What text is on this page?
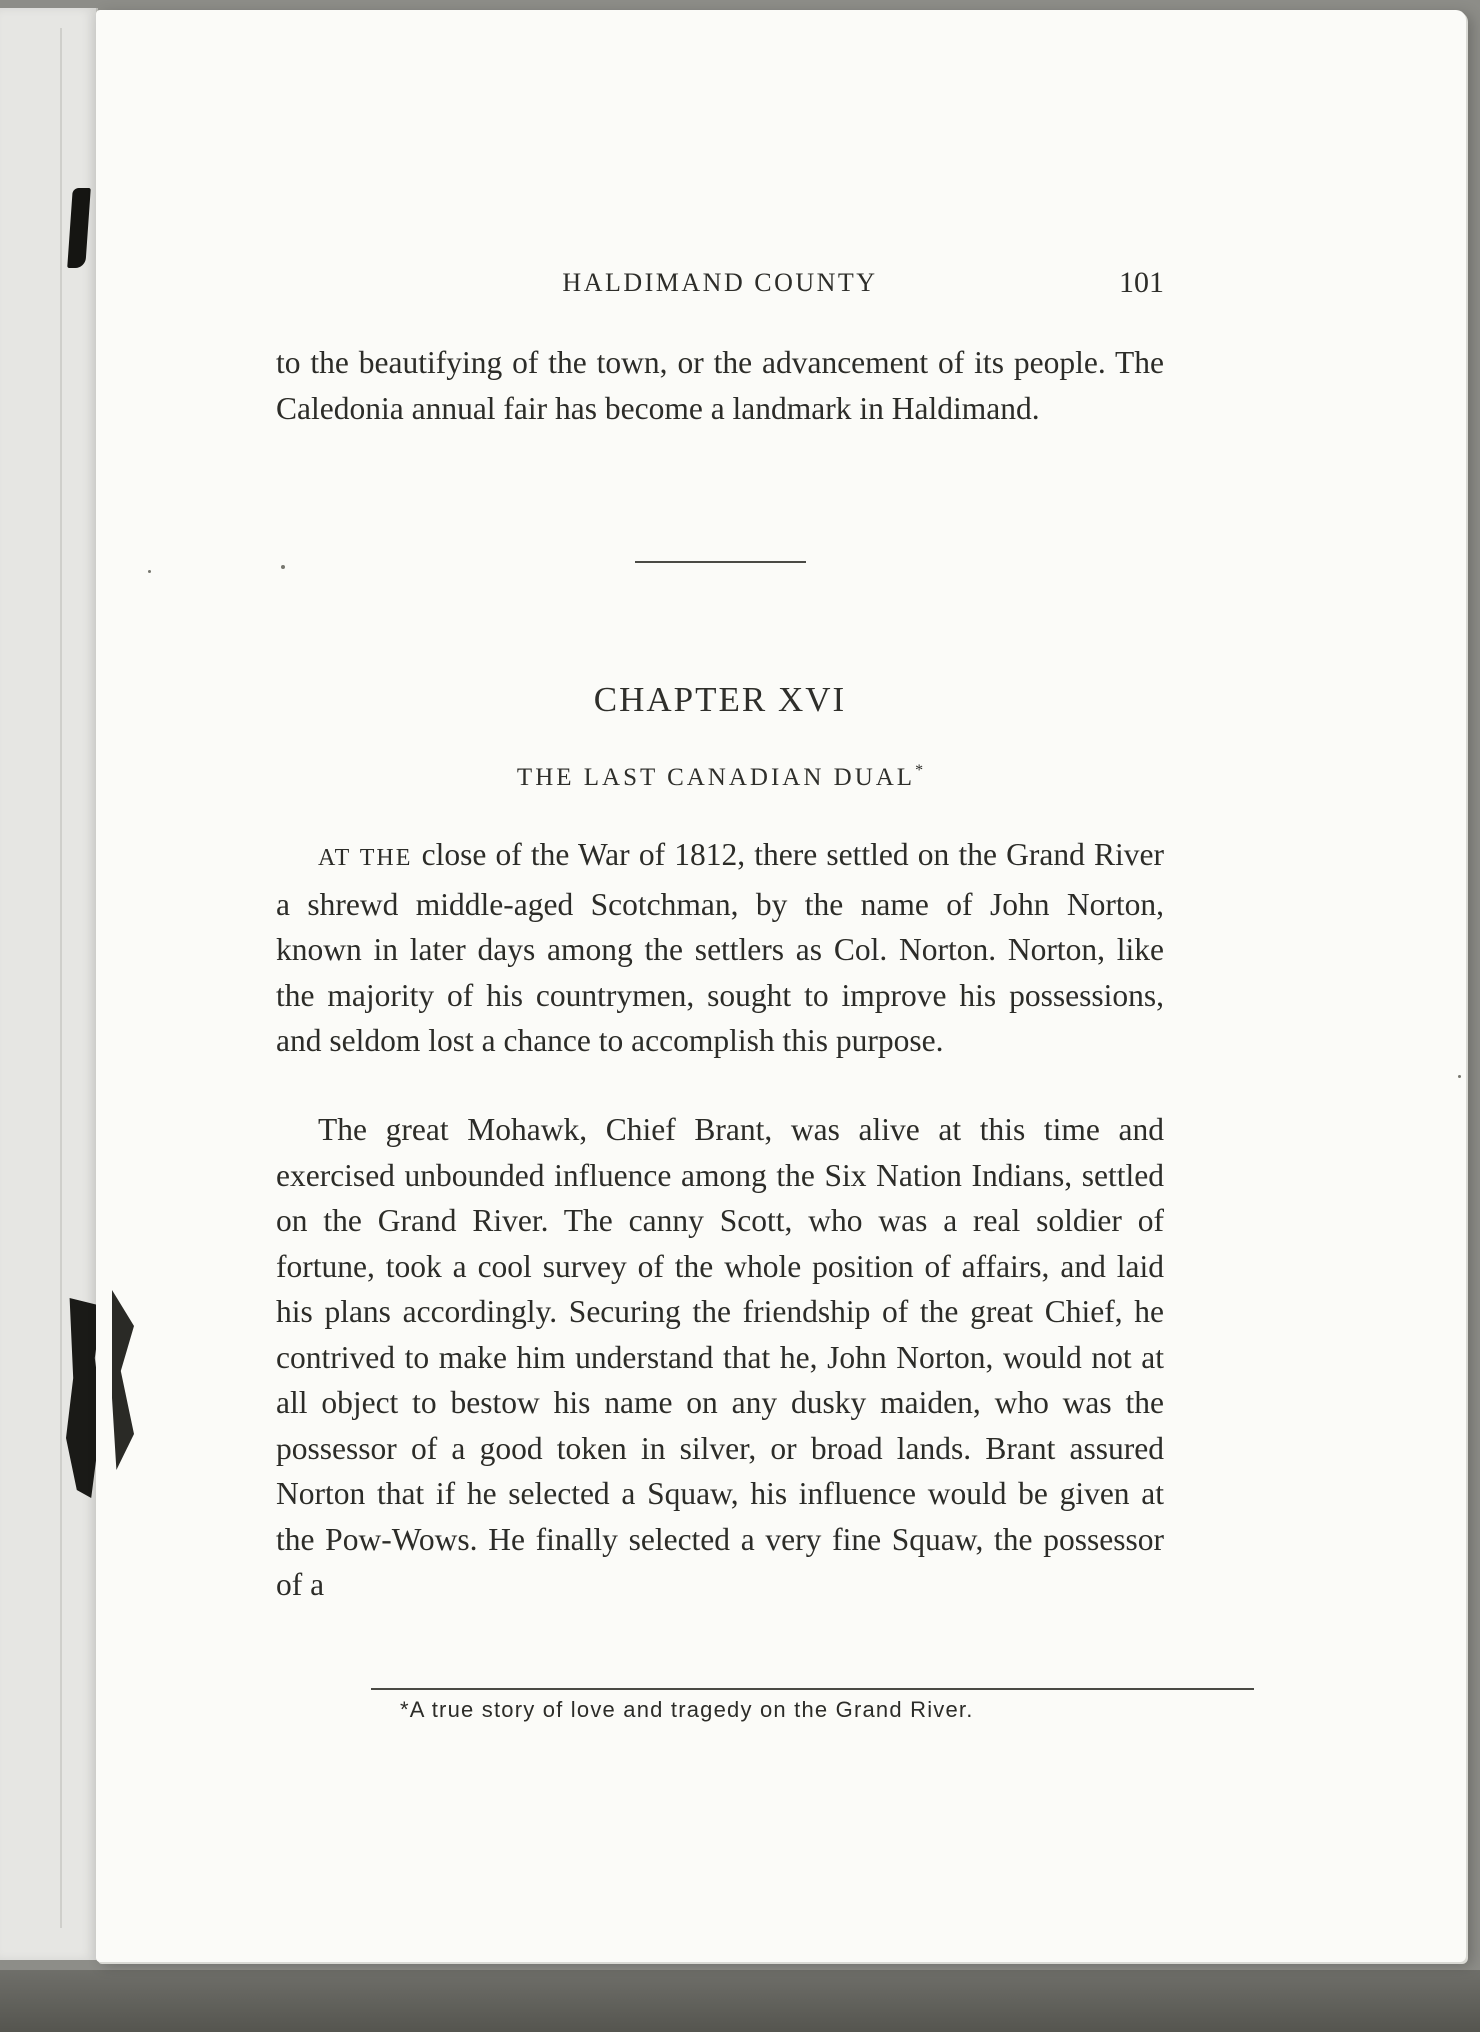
HALDIMAND COUNTY	101

to the beautifying of the town, or the advancement of its people. The Caledonia annual fair has become a landmark in Haldimand.

CHAPTER XVI
THE LAST CANADIAN DUAL*

AT THE close of the War of 1812, there settled on the Grand River a shrewd middle-aged Scotchman, by the name of John Norton, known in later days among the settlers as Col. Norton. Norton, like the majority of his countrymen, sought to improve his possessions, and seldom lost a chance to accomplish this purpose.

The great Mohawk, Chief Brant, was alive at this time and exercised unbounded influence among the Six Nation Indians, settled on the Grand River. The canny Scott, who was a real soldier of fortune, took a cool survey of the whole position of affairs, and laid his plans accordingly. Securing the friendship of the great Chief, he contrived to make him understand that he, John Norton, would not at all object to bestow his name on any dusky maiden, who was the possessor of a good token in silver, or broad lands. Brant assured Norton that if he selected a Squaw, his influence would be given at the Pow-Wows. He finally selected a very fine Squaw, the possessor of a

*A true story of love and tragedy on the Grand River.
